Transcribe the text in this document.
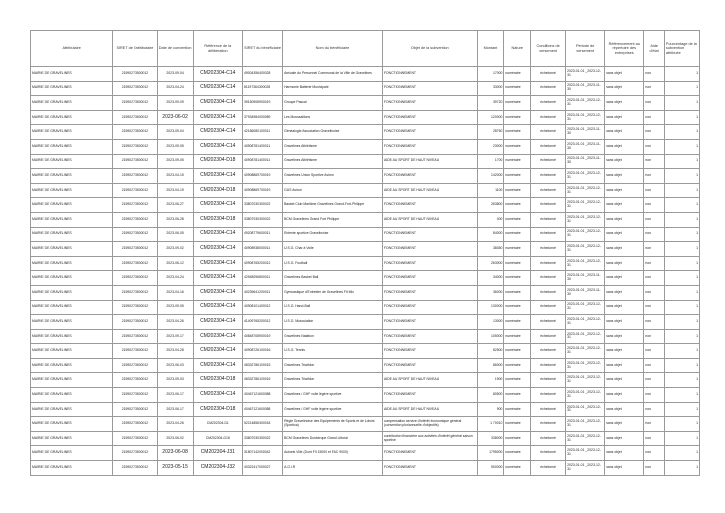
Attributaire	SIRET de l'attributaire	Date de convention	Référence de la délibération	SIRET du bénéficiaire	Nom du bénéficiaire	Objet de la subvention	Montant	Nature	Conditions de versement	Période de versement	Référencement au répertoire des entreprises	Aide d'état	Pourcentage de la subvention attribuée
MAIRIE DE GRAVELINES	21590273500012	2023-09-04	CM202304-C14	49004356400028	Amicale du Personnel Communal de la Ville de Gravelines	FONCTIONNEMENT	17000	numéraire	échelonné	2023-01-01 _2023-12-31	sans objet	non	1
MAIRIE DE GRAVELINES	21590273500012	2023-04-24	CM202304-C14	81197364300028	Harmonie Batterie Municipale	FONCTIONNEMENT	33000	numéraire	échelonné	2023-01-01 _2023-11-30	sans objet	non	1
MAIRIE DE GRAVELINES	21590273500012	2023-09-09	CM202304-C14	39150908900019	Groupe Pascal	FONCTIONNEMENT	39720	numéraire	échelonné	2023-01-01 _2023-12-31	sans objet	non	1
MAIRIE DE GRAVELINES	21590273500012	2023-06-02	CM202304-C14	37934984000089	Les Moussaillons	FONCTIONNEMENT	120000	numéraire	échelonné	2023-01-01 _2023-12-31	sans objet	non	1
MAIRIE DE GRAVELINES	21590273500012	2023-09-04	CM202304-C14	42186080100011	Généalogie Association Gravelinoise	FONCTIONNEMENT	28760	numéraire	échelonné	2023-01-01 _2023-11-30	sans objet	non	1
MAIRIE DE GRAVELINES	21590273500012	2023-09-05	CM202304-C14	40908781400011	Gravelines Athlétisme	FONCTIONNEMENT	23000	numéraire	échelonné	2023-01-01 _2023-11-30	sans objet	non	1
MAIRIE DE GRAVELINES	21590273500012	2023-09-05	CM202304-D18	40908781400011	Gravelines Athlétisme	AIDE AU SPORT DE HAUT NIVEAU	1700	numéraire	échelonné	2023-01-01 _2023-11-30	sans objet	non	1
MAIRIE DE GRAVELINES	21590273500012	2023-04-15	CM202304-C14	40908869700019	Gravelines Union Sportive Aviron	FONCTIONNEMENT	142000	numéraire	échelonné	2023-01-01 _2023-12-31	sans objet	non	1
MAIRIE DE GRAVELINES	21590273500012	2023-04-19	CM202304-D18	40908869700019	GUS Aviron	AIDE AU SPORT DE HAUT NIVEAU	1100	numéraire	échelonné	2023-01-01 _2023-12-31	sans objet	non	1
MAIRIE DE GRAVELINES	21590273500012	2023-06-27	CM202304-C14	33807030300022	Basket Club Maritime Gravelines Grand-Fort-Philippe	FONCTIONNEMENT	263800	numéraire	échelonné	2023-01-01 _2023-12-31	sans objet	non	1
MAIRIE DE GRAVELINES	21590273500012	2023-06-28	CM202304-D18	33807030300022	BCM Gravelines Grand Fort Philippe	AIDE AU SPORT DE HAUT NIVEAU	400	numéraire	échelonné	2023-01-01 _2023-12-31	sans objet	non	1
MAIRIE DE GRAVELINES	21590273500012	2023-06-05	CM202304-C14	49208779600011	Entente sportive Gravelinoise	FONCTIONNEMENT	84000	numéraire	échelonné	2023-01-01 _2023-12-31	sans objet	non	1
MAIRIE DE GRAVELINES	21590273500012	2023-09-02	CM202304-C14	40908938000011	U.S.G. Char à Voile	FONCTIONNEMENT	38450	numéraire	échelonné	2023-01-01 _2023-12-31	sans objet	non	1
MAIRIE DE GRAVELINES	21590273500012	2023-06-12	CM202304-C14	40908765200012	U.S.G. Football	FONCTIONNEMENT	263000	numéraire	échelonné	2023-01-01 _2023-12-31	sans objet	non	1
MAIRIE DE GRAVELINES	21590273500012	2023-04-24	CM202304-C14	42948096800011	Gravelines Basket Ball	FONCTIONNEMENT	34000	numéraire	échelonné	2023-01-01 _2023-11-30	sans objet	non	1
MAIRIE DE GRAVELINES	21590273500012	2023-04-16	CM202304-C14	40239641200011	Gymnastique d'Entretien de Gravelines Fit Mix	FONCTIONNEMENT	36000	numéraire	échelonné	2023-01-01 _2023-11-30	sans objet	non	1
MAIRIE DE GRAVELINES	21590273500012	2023-09-05	CM202304-C14	40908101400012	U.S.G. Hand-Ball	FONCTIONNEMENT	130000	numéraire	échelonné	2023-01-01 _2023-12-31	sans objet	non	1
MAIRIE DE GRAVELINES	21590273500012	2023-04-26	CM202304-C14	41409765200012	U.S.G. Musculation	FONCTIONNEMENT	13000	numéraire	échelonné	2023-01-01 _2023-12-31	sans objet	non	1
MAIRIE DE GRAVELINES	21590273500012	2023-09-17	CM202304-C14	40848708900019	Gravelines Natation	FONCTIONNEMENT	105000	numéraire	échelonné	2023-01-01 _2023-12-31	sans objet	non	1
MAIRIE DE GRAVELINES	21590273500012	2023-04-28	CM202304-C14	40908726100016	U.S.G. Tennis	FONCTIONNEMENT	82500	numéraire	échelonné	2023-01-01 _2023-12-31	sans objet	non	1
MAIRIE DE GRAVELINES	21590273500012	2023-06-03	CM202304-C14	48332786100015	Gravelines Triathlon	FONCTIONNEMENT	86000	numéraire	échelonné	2023-01-01 _2023-12-31	sans objet	non	1
MAIRIE DE GRAVELINES	21590273500012	2023-09-03	CM202304-D18	48332786100015	Gravelines Triathlon	AIDE AU SPORT DE HAUT NIVEAU	1900	numéraire	échelonné	2023-01-01 _2023-12-31	sans objet	non	1
MAIRIE DE GRAVELINES	21590273500012	2023-06-17	CM202304-C14	40467121600088	Gravelines / GHF voile légère sportive	FONCTIONNEMENT	80500	numéraire	échelonné	2023-01-01 _2023-12-31	sans objet	non	1
MAIRIE DE GRAVELINES	21590273500012	2023-06-17	CM202304-D18	40467121600088	Gravelines / GHF voile légère sportive	AIDE AU SPORT DE HAUT NIVEAU	900	numéraire	échelonné	2023-01-01 _2023-12-31	sans objet	non	1
MAIRIE DE GRAVELINES	21590273500012	2023-04-26	CM202304-D1	52214856300018	Régie Gravelinoise des Equipements de Sports et de Loisirs (Sportica)	compensation service d'intérêt économique général (convention pluriannuelle d'objectifs)	1 70010	numéraire	échelonné	2023-01-01 _2023-12-31	sans objet	non	1
MAIRIE DE GRAVELINES	21590273500012	2023-06-02	CM202304-D18	33807030300022	BCM Gravelines Dunkerque Grand Littoral	contribution financière aux activités d'intérêt général saison sportive	338000	numéraire	échelonné	2023-01-01 _2023-12-31	sans objet	non	1
MAIRIE DE GRAVELINES	21590273500012	2023-06-08	CM202304-J31	31807142000042	Actuels Ville (Dont FII 15000 et FAC 9000)	FONCTIONNEMENT	1795000	numéraire	échelonné	2023-01-01 _2023-12-31	sans objet	non	1
MAIRIE DE GRAVELINES	21590273500012	2023-05-15	CM202304-J32	40322417000027	A.G.I.R	FONCTIONNEMENT	500000	numéraire	échelonné	2023-01-01 _2023-12-31	sans objet	non	1
